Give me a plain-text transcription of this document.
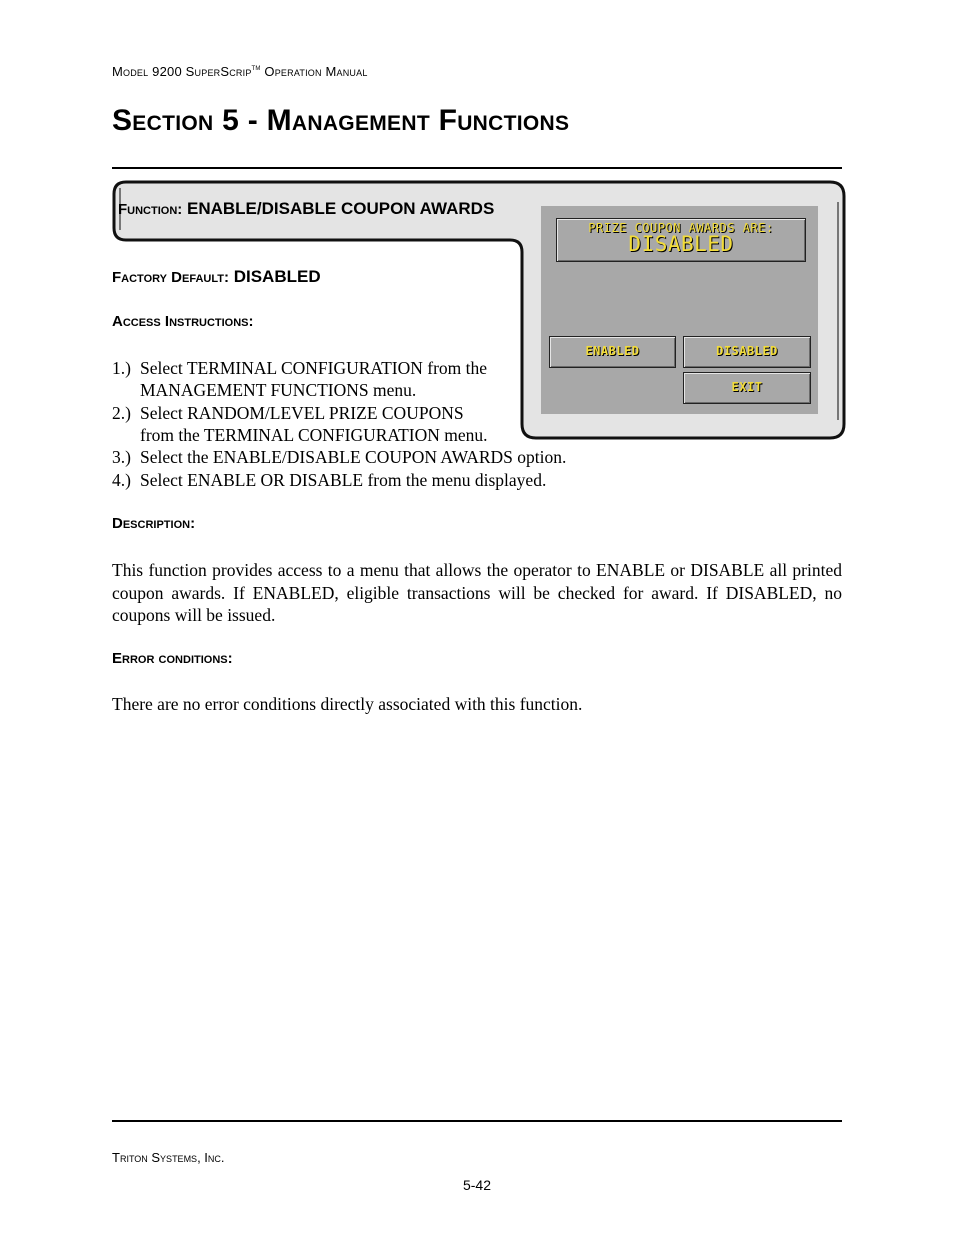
Model 9200 SuperScrip™ Operation Manual
Section 5 - Management Functions
Function: ENABLE/DISABLE COUPON AWARDS
PRIZE COUPON AWARDS ARE:
DISABLED
ENABLED	DISABLED
EXIT
Factory Default: DISABLED
Access Instructions:
1.) Select TERMINAL CONFIGURATION from the
MANAGEMENT FUNCTIONS menu.
2.) Select RANDOM/LEVEL PRIZE COUPONS
from the TERMINAL CONFIGURATION menu.
3.) Select the ENABLE/DISABLE COUPON AWARDS option.
4.) Select ENABLE OR DISABLE from the menu displayed.
Description:
This function provides access to a menu that allows the operator to ENABLE or DISABLE all printed coupon awards. If ENABLED, eligible transactions will be checked for award. If DISABLED, no coupons will be issued.
Error conditions:
There are no error conditions directly associated with this function.
Triton Systems, Inc.
5-42
